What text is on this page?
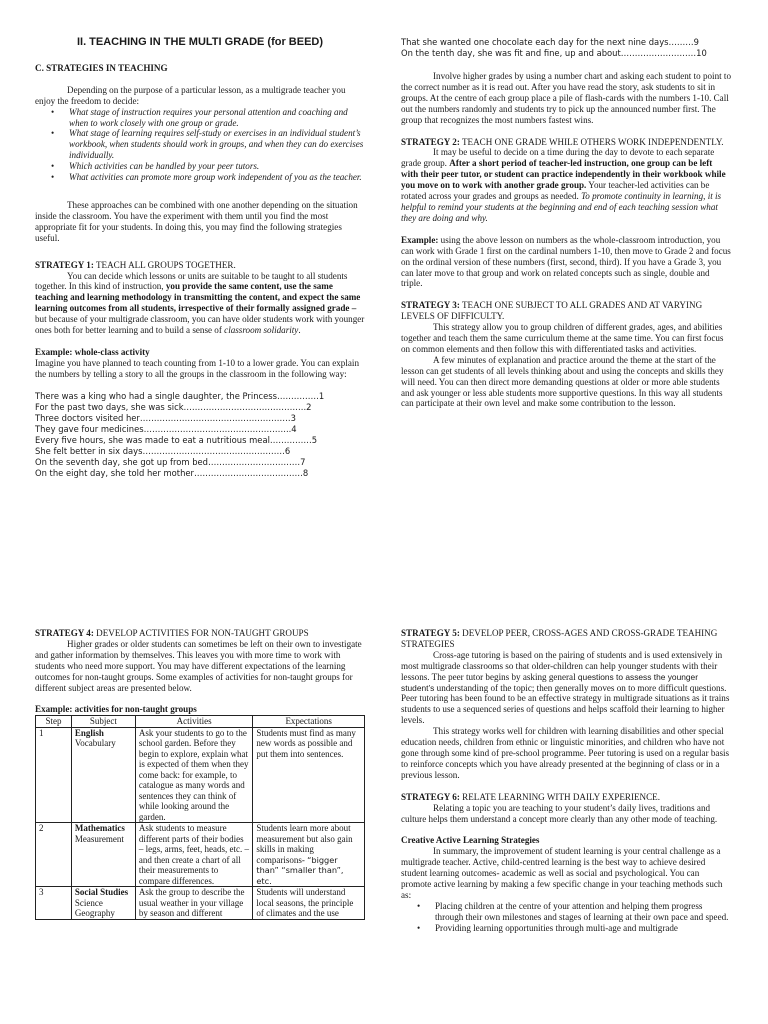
II. TEACHING IN THE MULTI GRADE (for BEED)

C. STRATEGIES IN TEACHING

Depending on the purpose of a particular lesson, as a multigrade teacher you enjoy the freedom to decide:

• What stage of instruction requires your personal attention and coaching and when to work closely with one group or grade.
• What stage of learning requires self-study or exercises in an individual student’s workbook, when students should work in groups, and when they can do exercises individually.
• Which activities can be handled by your peer tutors.
• What activities can promote more group work independent of you as the teacher.

These approaches can be combined with one another depending on the situation inside the classroom. You have the experiment with them until you find the most appropriate fit for your students. In doing this, you may find the following strategies useful.

STRATEGY 1: TEACH ALL GROUPS TOGETHER.

You can decide which lessons or units are suitable to be taught to all students together. In this kind of instruction, you provide the same content, use the same teaching and learning methodology in transmitting the content, and expect the same learning outcomes from all students, irrespective of their formally assigned grade – but because of your multigrade classroom, you can have older students work with younger ones both for better learning and to build a sense of classroom solidarity.

Example: whole-class activity

Imagine you have planned to teach counting from 1-10 to a lower grade. You can explain the numbers by telling a story to all the groups in the classroom in the following way:

There was a king who had a single daughter, the Princess……………1
For the past two days, she was sick……………………………………..2
Three doctors visited her………………………………………………3
They gave four medicines……………………………………………..4
Every five hours, she was made to eat a nutritious meal……………5
She felt better in six days……………………………………………6
On the seventh day, she got up from bed……………………………7
On the eight day, she told her mother…………………………………8
That she wanted one chocolate each day for the next nine days………9
On the tenth day, she was fit and fine, up and about………………………10

Involve higher grades by using a number chart and asking each student to point to the correct number as it is read out. After you have read the story, ask students to sit in groups. At the centre of each group place a pile of flash-cards with the numbers 1-10. Call out the numbers randomly and students try to pick up the announced number first. The group that recognizes the most numbers fastest wins.

STRATEGY 2: TEACH ONE GRADE WHILE OTHERS WORK INDEPENDENTLY.

It may be useful to decide on a time during the day to devote to each separate grade group. After a short period of teacher-led instruction, one group can be left with their peer tutor, or student can practice independently in their workbook while you move on to work with another grade group. Your teacher-led activities can be rotated across your grades and groups as needed. To promote continuity in learning, it is helpful to remind your students at the beginning and end of each teaching session what they are doing and why.

Example: using the above lesson on numbers as the whole-classroom introduction, you can work with Grade 1 first on the cardinal numbers 1-10, then move to Grade 2 and focus on the ordinal version of these numbers (first, second, third). If you have a Grade 3, you can later move to that group and work on related concepts such as single, double and triple.

STRATEGY 3: TEACH ONE SUBJECT TO ALL GRADES AND AT VARYING LEVELS OF DIFFICULTY.

This strategy allow you to group children of different grades, ages, and abilities together and teach them the same curriculum theme at the same time. You can first focus on common elements and then follow this with differentiated tasks and activities.

A few minutes of explanation and practice around the theme at the start of the lesson can get students of all levels thinking about and using the concepts and skills they will need. You can then direct more demanding questions at older or more able students and ask younger or less able students more supportive questions. In this way all students can participate at their own level and make some contribution to the lesson.

STRATEGY 4: DEVELOP ACTIVITIES FOR NON-TAUGHT GROUPS

Higher grades or older students can sometimes be left on their own to investigate and gather information by themselves. This leaves you with more time to work with students who need more support. You may have different expectations of the learning outcomes for non-taught groups. Some examples of activities for non-taught groups for different subject areas are presented below.

Example: activities for non-taught groups

Step	Subject	Activities	Expectations
1	English
Vocabulary	Ask your students to go to the school garden. Before they begin to explore, explain what is expected of them when they come back: for example, to catalogue as many words and sentences they can think of while looking around the garden.	Students must find as many new words as possible and put them into sentences.
2	Mathematics
Measurement	Ask students to measure different parts of their bodies – legs, arms, feet, heads, etc. – and then create a chart of all their measurements to compare differences.	Students learn more about measurement but also gain skills in making comparisons- “bigger than” “smaller than”, etc.
3	Social Studies
Science Geography	Ask the group to describe the usual weather in your village by season and different	Students will understand local seasons, the principle of climates and the use

STRATEGY 5: DEVELOP PEER, CROSS-AGES AND CROSS-GRADE TEAHING STRATEGIES

Cross-age tutoring is based on the pairing of students and is used extensively in most multigrade classrooms so that older-children can help younger students with their lessons. The peer tutor begins by asking general questions to assess the younger student’s understanding of the topic; then generally moves on to more difficult questions. Peer tutoring has been found to be an effective strategy in multigrade situations as it trains students to use a sequenced series of questions and helps scaffold their learning to higher levels.

This strategy works well for children with learning disabilities and other special education needs, children from ethnic or linguistic minorities, and children who have not gone through some kind of pre-school programme. Peer tutoring is used on a regular basis to reinforce concepts which you have already presented at the beginning of class or in a previous lesson.

STRATEGY 6: RELATE LEARNING WITH DAILY EXPERIENCE.

Relating a topic you are teaching to your student’s daily lives, traditions and culture helps them understand a concept more clearly than any other mode of teaching.

Creative Active Learning Strategies

In summary, the improvement of student learning is your central challenge as a multigrade teacher. Active, child-centred learning is the best way to achieve desired student learning outcomes- academic as well as social and psychological. You can promote active learning by making a few specific change in your teaching methods such as:

• Placing children at the centre of your attention and helping them progress through their own milestones and stages of learning at their own pace and speed.
• Providing learning opportunities through multi-age and multigrade
